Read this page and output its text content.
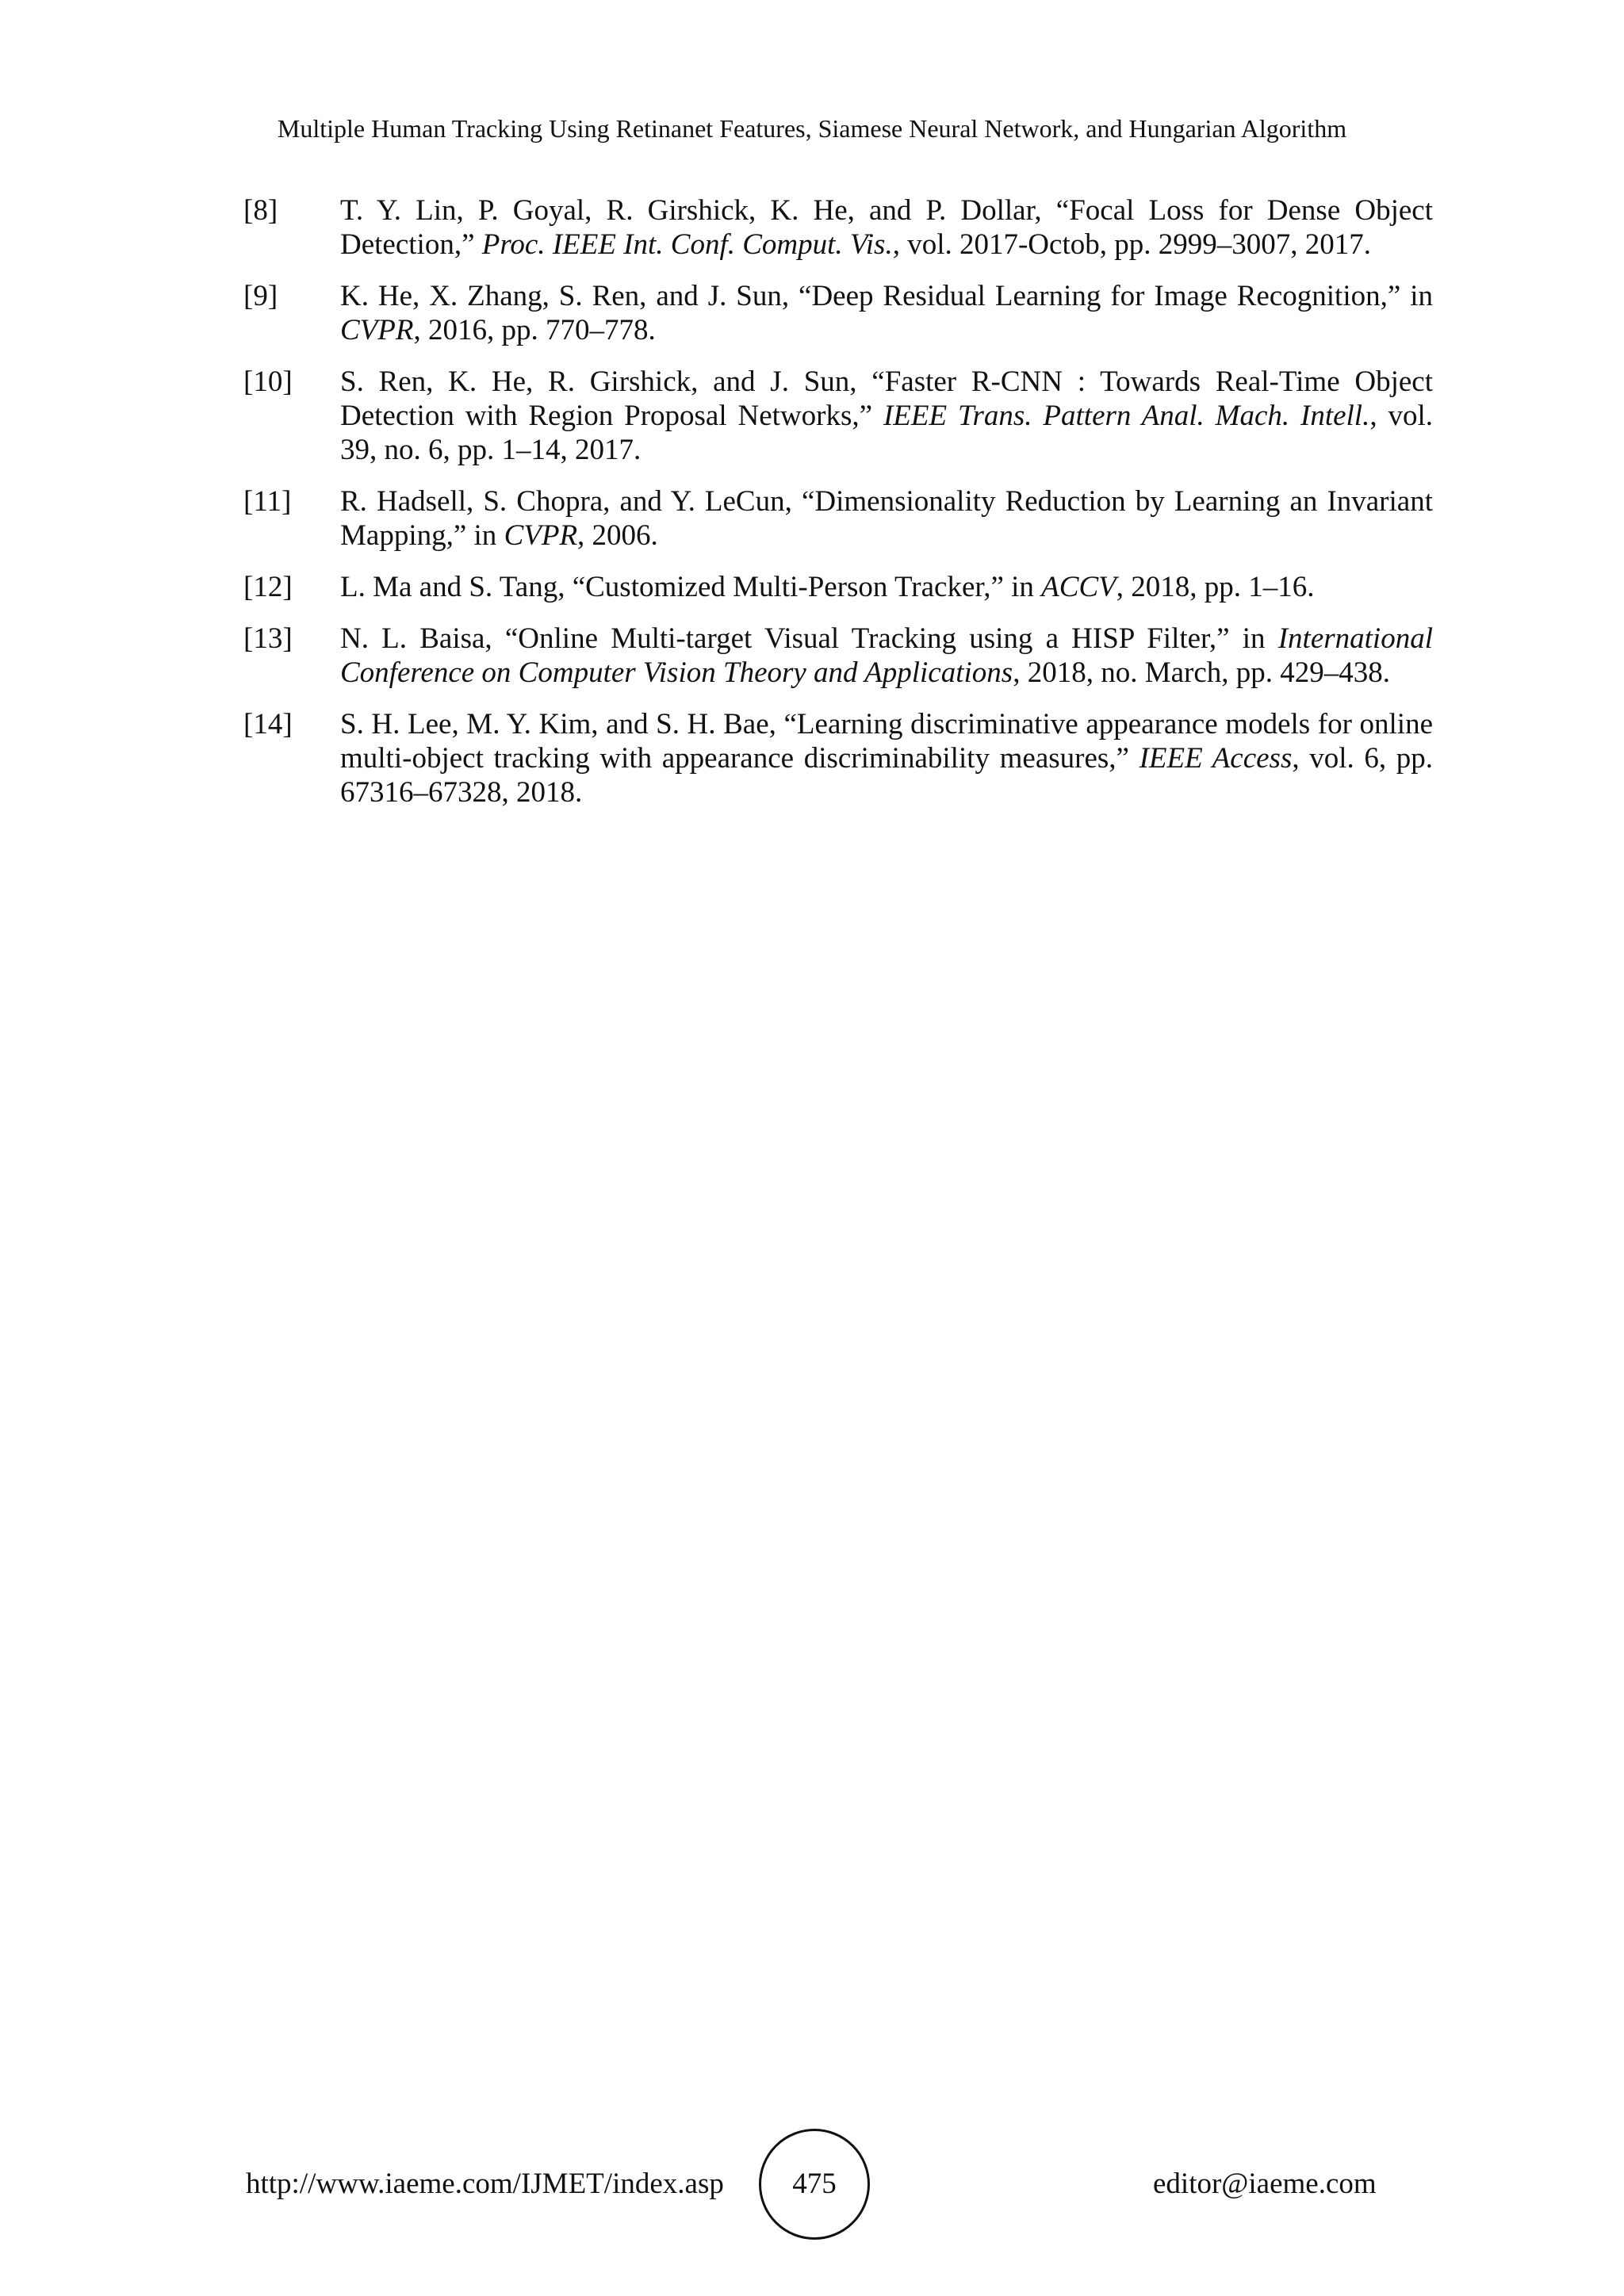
Multiple Human Tracking Using Retinanet Features, Siamese Neural Network, and Hungarian Algorithm
[8] T. Y. Lin, P. Goyal, R. Girshick, K. He, and P. Dollar, “Focal Loss for Dense Object Detection,” Proc. IEEE Int. Conf. Comput. Vis., vol. 2017-Octob, pp. 2999–3007, 2017.
[9] K. He, X. Zhang, S. Ren, and J. Sun, “Deep Residual Learning for Image Recognition,” in CVPR, 2016, pp. 770–778.
[10] S. Ren, K. He, R. Girshick, and J. Sun, “Faster R-CNN : Towards Real-Time Object Detection with Region Proposal Networks,” IEEE Trans. Pattern Anal. Mach. Intell., vol. 39, no. 6, pp. 1–14, 2017.
[11] R. Hadsell, S. Chopra, and Y. LeCun, “Dimensionality Reduction by Learning an Invariant Mapping,” in CVPR, 2006.
[12] L. Ma and S. Tang, “Customized Multi-Person Tracker,” in ACCV, 2018, pp. 1–16.
[13] N. L. Baisa, “Online Multi-target Visual Tracking using a HISP Filter,” in International Conference on Computer Vision Theory and Applications, 2018, no. March, pp. 429–438.
[14] S. H. Lee, M. Y. Kim, and S. H. Bae, “Learning discriminative appearance models for online multi-object tracking with appearance discriminability measures,” IEEE Access, vol. 6, pp. 67316–67328, 2018.
http://www.iaeme.com/IJMET/index.asp	475	editor@iaeme.com
